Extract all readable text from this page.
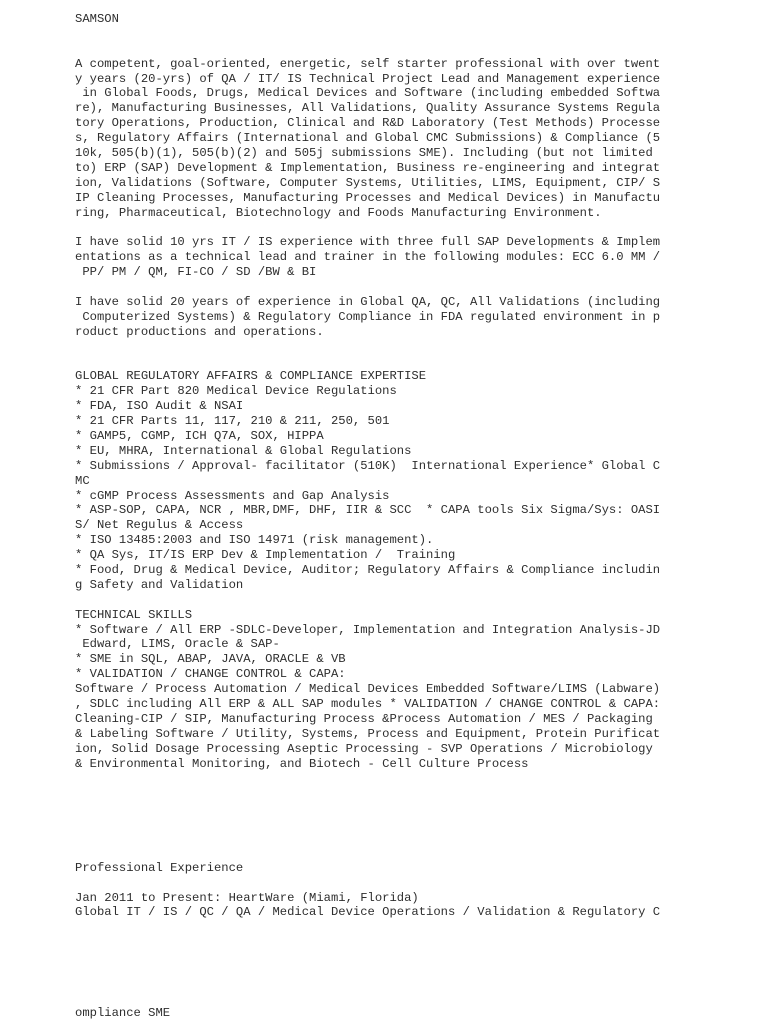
SAMSON
A competent, goal-oriented, energetic, self starter professional with over twent
y years (20-yrs) of QA / IT/ IS Technical Project Lead and Management experience
in Global Foods, Drugs, Medical Devices and Software (including embedded Softwa
re), Manufacturing Businesses, All Validations, Quality Assurance Systems Regula
tory Operations, Production, Clinical and R&D Laboratory (Test Methods) Processe
s, Regulatory Affairs (International and Global CMC Submissions) & Compliance (5
10k, 505(b)(1), 505(b)(2) and 505j submissions SME). Including (but not limited
to) ERP (SAP) Development & Implementation, Business re-engineering and integrat
ion, Validations (Software, Computer Systems, Utilities, LIMS, Equipment, CIP/ S
IP Cleaning Processes, Manufacturing Processes and Medical Devices) in Manufactu
ring, Pharmaceutical, Biotechnology and Foods Manufacturing Environment.
I have solid 10 yrs IT / IS experience with three full SAP Developments & Implem
entations as a technical lead and trainer in the following modules: ECC 6.0 MM /
PP/ PM / QM, FI-CO / SD /BW & BI
I have solid 20 years of experience in Global QA, QC, All Validations (including
Computerized Systems) & Regulatory Compliance in FDA regulated environment in p
roduct productions and operations.
GLOBAL REGULATORY AFFAIRS & COMPLIANCE EXPERTISE
* 21 CFR Part 820 Medical Device Regulations
* FDA, ISO Audit & NSAI
* 21 CFR Parts 11, 117, 210 & 211, 250, 501
* GAMP5, CGMP, ICH Q7A, SOX, HIPPA
* EU, MHRA, International & Global Regulations
* Submissions / Approval- facilitator (510K)  International Experience* Global C
MC
* cGMP Process Assessments and Gap Analysis
* ASP-SOP, CAPA, NCR , MBR,DMF, DHF, IIR & SCC  * CAPA tools Six Sigma/Sys: OASI
S/ Net Regulus & Access
* ISO 13485:2003 and ISO 14971 (risk management).
* QA Sys, IT/IS ERP Dev & Implementation /  Training
* Food, Drug & Medical Device, Auditor; Regulatory Affairs & Compliance includin
g Safety and Validation
TECHNICAL SKILLS
* Software / All ERP -SDLC-Developer, Implementation and Integration Analysis-JD
Edward, LIMS, Oracle & SAP-
* SME in SQL, ABAP, JAVA, ORACLE & VB
* VALIDATION / CHANGE CONTROL & CAPA:
Software / Process Automation / Medical Devices Embedded Software/LIMS (Labware)
, SDLC including All ERP & ALL SAP modules * VALIDATION / CHANGE CONTROL & CAPA:
Cleaning-CIP / SIP, Manufacturing Process &Process Automation / MES / Packaging
& Labeling Software / Utility, Systems, Process and Equipment, Protein Purificat
ion, Solid Dosage Processing Aseptic Processing - SVP Operations / Microbiology
& Environmental Monitoring, and Biotech - Cell Culture Process
Professional Experience
Jan 2011 to Present: HeartWare (Miami, Florida)
Global IT / IS / QC / QA / Medical Device Operations / Validation & Regulatory C
ompliance SME
